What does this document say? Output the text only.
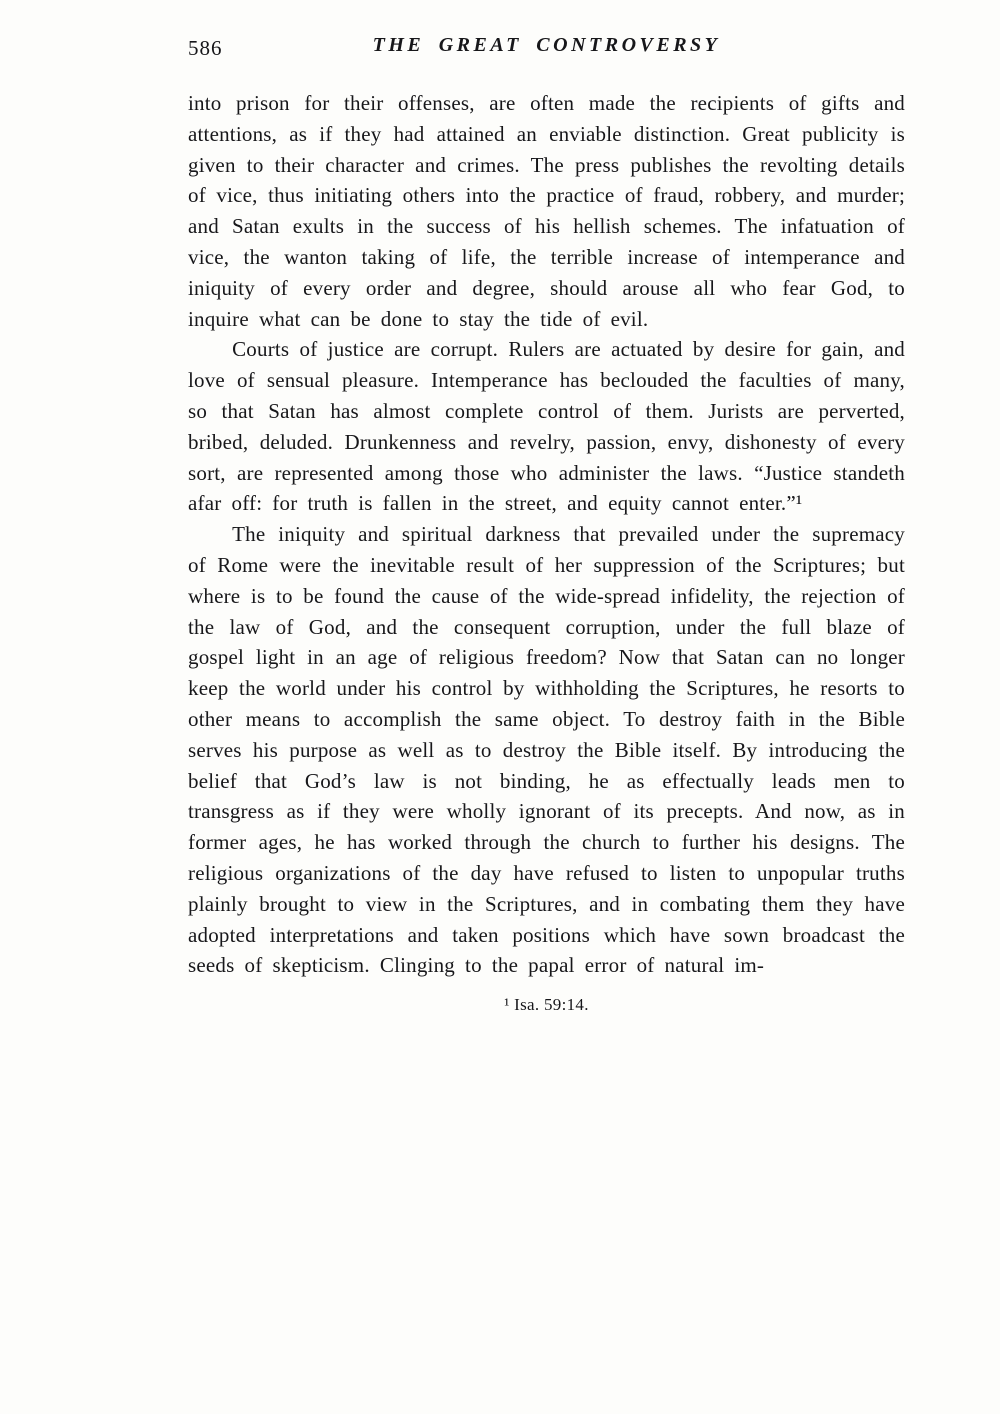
586	THE GREAT CONTROVERSY

into prison for their offenses, are often made the recipients of gifts and attentions, as if they had attained an enviable distinction. Great publicity is given to their character and crimes. The press publishes the revolting details of vice, thus initiating others into the practice of fraud, robbery, and murder; and Satan exults in the success of his hellish schemes. The infatuation of vice, the wanton taking of life, the terrible increase of intemperance and iniquity of every order and degree, should arouse all who fear God, to inquire what can be done to stay the tide of evil.

Courts of justice are corrupt. Rulers are actuated by desire for gain, and love of sensual pleasure. Intemperance has beclouded the faculties of many, so that Satan has almost complete control of them. Jurists are perverted, bribed, deluded. Drunkenness and revelry, passion, envy, dishonesty of every sort, are represented among those who administer the laws. “Justice standeth afar off: for truth is fallen in the street, and equity cannot enter.”¹

The iniquity and spiritual darkness that prevailed under the supremacy of Rome were the inevitable result of her suppression of the Scriptures; but where is to be found the cause of the wide-spread infidelity, the rejection of the law of God, and the consequent corruption, under the full blaze of gospel light in an age of religious freedom? Now that Satan can no longer keep the world under his control by withholding the Scriptures, he resorts to other means to accomplish the same object. To destroy faith in the Bible serves his purpose as well as to destroy the Bible itself. By introducing the belief that God’s law is not binding, he as effectually leads men to transgress as if they were wholly ignorant of its precepts. And now, as in former ages, he has worked through the church to further his designs. The religious organizations of the day have refused to listen to unpopular truths plainly brought to view in the Scriptures, and in combating them they have adopted interpretations and taken positions which have sown broadcast the seeds of skepticism. Clinging to the papal error of natural im-

¹ Isa. 59:14.
